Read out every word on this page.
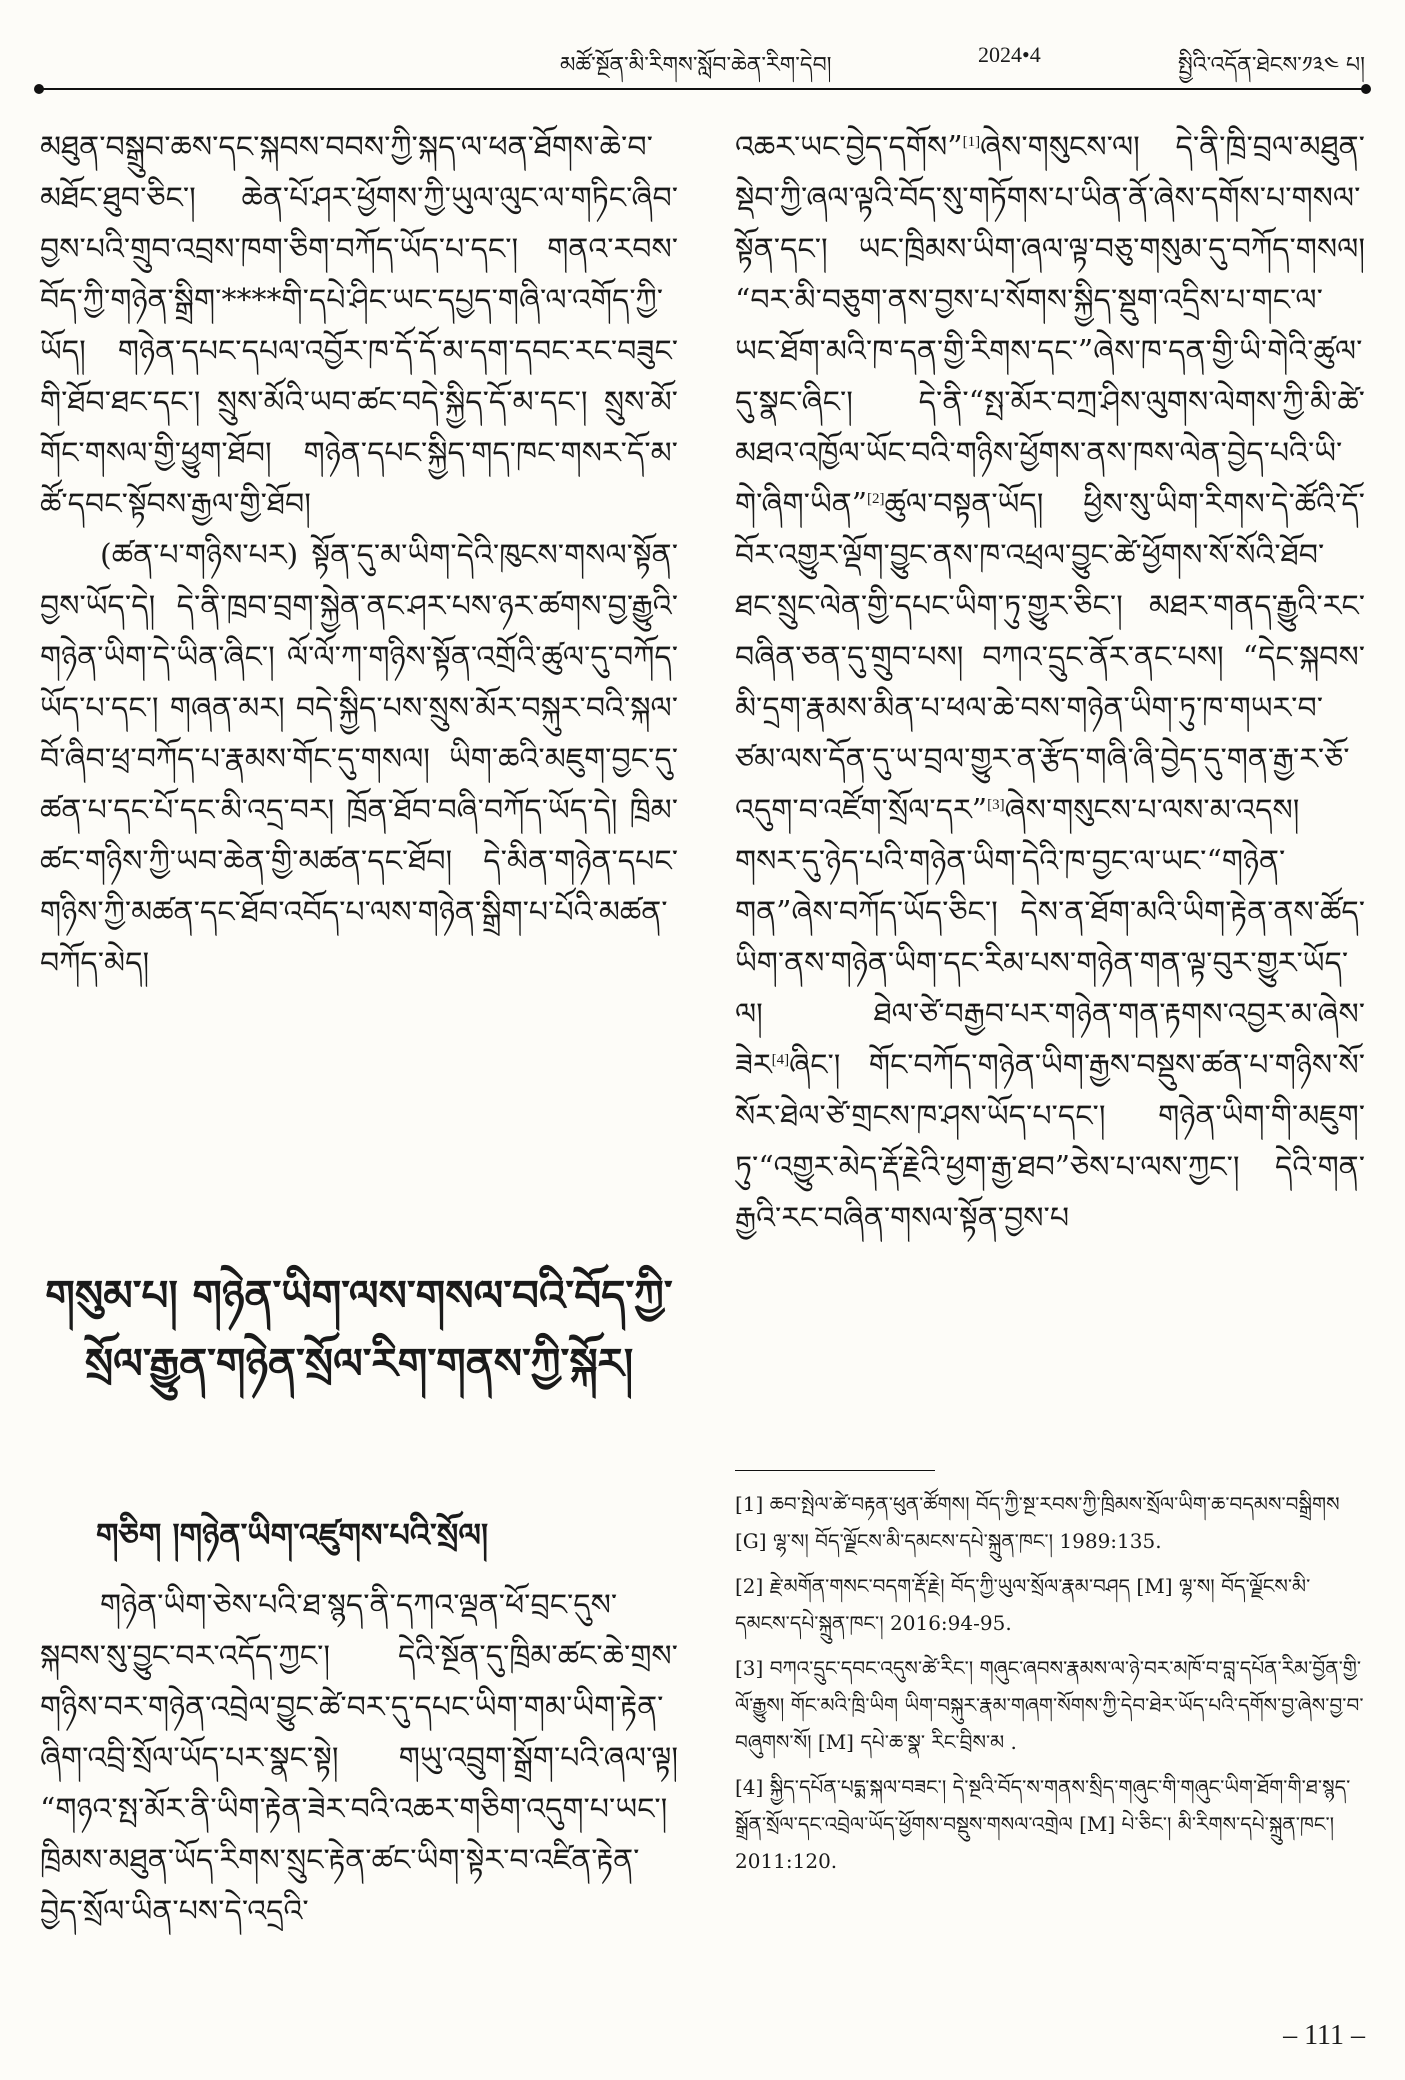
མཚོ་སྔོན་མི་རིགས་སློབ་ཆེན་རིག་དེབ།	2024•4	སྤྱིའི་འདོན་ཐེངས་༡༣༤ པ།

མཐུན་བསྒྲུབ་ཆས་དང་སྐབས་བབས་ཀྱི་སྐད་ལ་ཕན་ཐོགས་ཆེ་བ་མཐོང་ཐུབ་ཅིང་། ཆེན་པོ་ཤར་ཕྱོགས་ཀྱི་ཡུལ་ལུང་ལ་གཏིང་ཞིབ་བྱས་པའི་གྲུབ་འབྲས་ཁག་ཅིག་བཀོད་ཡོད་པ་དང་། གནའ་རབས་བོད་ཀྱི་གཉེན་སྒྲིག་****གི་དཔེ་ཤིང་ཡང་དཔྱད་གཞི་ལ་འགོད་ཀྱི་ཡོད། གཉེན་དཔང་དཔལ་འབྱོར་ཁ་དོ་དོ་མ་དག་དབང་རང་བཟུང་གི་ཐོབ་ཐང་དང་། སྲུས་མོའི་ཡབ་ཚང་བདེ་སྐྱིད་དོ་མ་དང་། སྲུས་མོ་གོང་གསལ་གྱི་ཕྱུག་ཐོབ། གཉེན་དཔང་སྐྱིད་གད་ཁང་གསར་དོ་མ་ཚོ་དབང་སྟོབས་རྒྱལ་གྱི་ཐོབ།

(ཚན་པ་གཉིས་པར) སྟོན་དུ་མ་ཡིག་དེའི་ཁུངས་གསལ་སྟོན་བྱས་ཡོད་དེ། དེ་ནི་ཁྲབ་བྲག་སྐྱེན་ནང་ཤར་པས་ཉར་ཚགས་བྱ་རྒྱུའི་གཉེན་ཡིག་དེ་ཡིན་ཞིང་། ལོ་ལོ་ཀ་གཉིས་སྟོན་འགྲོའི་ཚུལ་དུ་བཀོད་ཡོད་པ་དང་། གཞན་མར། བདེ་སྐྱིད་པས་སྲུས་མོར་བསྐུར་བའི་སྐལ་བོ་ཞིབ་ཕྲ་བཀོད་པ་རྣམས་གོང་དུ་གསལ། ཡིག་ཆའི་མཇུག་བྱང་དུ་ཚན་པ་དང་པོ་དང་མི་འདྲ་བར། ཁྲོན་ཐོབ་བཞི་བཀོད་ཡོད་དེ། ཁྲིམ་ཚང་གཉིས་ཀྱི་ཡབ་ཆེན་གྱི་མཚན་དང་ཐོབ། དེ་མིན་གཉེན་དཔང་གཉིས་ཀྱི་མཚན་དང་ཐོབ་འབོད་པ་ལས་གཉེན་སྒྲིག་པ་པོའི་མཚན་བཀོད་མེད།

གསུམ་པ། གཉེན་ཡིག་ལས་གསལ་བའི་བོད་ཀྱི་སྲོལ་རྒྱུན་གཉེན་སྲོལ་རིག་གནས་ཀྱི་སྐོར།
གཅིག །གཉེན་ཡིག་འཛུགས་པའི་སྲོལ།

གཉེན་ཡིག་ཅེས་པའི་ཐ་སྙད་ནི་དཀའ་ལྡན་ཕོ་བྲང་དུས་སྐབས་སུ་བྱུང་བར་འདོད་ཀྱང་། དེའི་སྔོན་དུ་ཁྲིམ་ཚང་ཆེ་གྲས་གཉིས་བར་གཉེན་འབྲེལ་བྱུང་ཚེ་བར་དུ་དཔང་ཡིག་གམ་ཡིག་རྟེན་ཞིག་འབྲི་སྲོལ་ཡོད་པར་སྣང་སྟེ། གཡུ་འབྲུག་སྒྲོག་པའི་ཞལ་ལྟ། “གཉའ་སྤ་མོར་ནི་ཡིག་རྟེན་ཟེར་བའི་འཆར་གཅིག་འདུག་པ་ཡང་། ཁྲིམས་མཐུན་ཡོད་རིགས་སྲུང་རྟེན་ཚང་ཡིག་སྟེར་བ་འཛིན་རྟེན་བྱེད་སྲོལ་ཡིན་པས་དེ་འདྲའི་

འཆར་ཡང་བྱེད་དགོས”[1]ཞེས་གསུངས་ལ། དེ་ནི་ཁྲི་བྲལ་མཐུན་སྡེབ་ཀྱི་ཞལ་ལྟའི་བོད་སུ་གཏོགས་པ་ཡིན་ནོ་ཞེས་དགོས་པ་གསལ་སྟོན་དང་། ཡང་ཁྲིམས་ཡིག་ཞལ་ལྟ་བཅུ་གསུམ་དུ་བཀོད་གསལ། “བར་མི་བཅུག་ནས་བྱས་པ་སོགས་སྐྱིད་སྡུག་འདྲིས་པ་གང་ལ་ཡང་ཐོག་མའི་ཁ་དན་གྱི་རིགས་དང་”ཞེས་ཁ་དན་གྱི་ཡི་གེའི་ཚུལ་དུ་སྣང་ཞིང་། དེ་ནི་“སྤ་མོར་བཀྲ་ཤིས་ལུགས་ལེགས་ཀྱི་མི་ཚེ་མཐའ་འཁྱོལ་ཡོང་བའི་གཉིས་ཕྱོགས་ནས་ཁས་ལེན་བྱེད་པའི་ཡི་གེ་ཞིག་ཡིན”[2]ཚུལ་བསྟན་ཡོད། ཕྱིས་སུ་ཡིག་རིགས་དེ་ཚོའི་དོ་བོར་འགྱུར་ལྡོག་བྱུང་ནས་ཁ་འཕྲལ་བྱུང་ཚེ་ཕྱོགས་སོ་སོའི་ཐོབ་ཐང་སྲུང་ལེན་གྱི་དཔང་ཡིག་ཏུ་གྱུར་ཅིང་། མཐར་གནད་རྒྱུའི་རང་བཞིན་ཅན་དུ་གྲུབ་པས། བཀའ་དྲུང་ནོར་ནང་པས། “དེང་སྐབས་མི་དྲག་རྣམས་མིན་པ་ཕལ་ཆེ་བས་གཉེན་ཡིག་ཏུ་ཁ་གཡར་བ་ཙམ་ལས་དོན་དུ་ཡ་བྲལ་གྱུར་ན་རྩོད་གཞི་ཞི་བྱེད་དུ་གན་རྒྱ་ར་ཅོ་འདུག་བ་འཛོག་སྲོལ་དར”[3]ཞེས་གསུངས་པ་ལས་མ་འདས། གསར་དུ་ཉེད་པའི་གཉེན་ཡིག་དེའི་ཁ་བྱང་ལ་ཡང་“གཉེན་གན”ཞེས་བཀོད་ཡོད་ཅིང་། དེས་ན་ཐོག་མའི་ཡིག་རྟེན་ནས་ཚོད་ཡིག་ནས་གཉེན་ཡིག་དང་རིམ་པས་གཉེན་གན་ལྟ་བུར་གྱུར་ཡོད་ལ། ཐེལ་ཙེ་བརྒྱབ་པར་གཉེན་གན་རྟགས་འབྱར་མ་ཞེས་ཟེར[4]ཞིང་། གོང་བཀོད་གཉེན་ཡིག་རྒྱས་བསྡུས་ཚན་པ་གཉིས་སོ་སོར་ཐེལ་ཙེ་གྲངས་ཁ་ཤས་ཡོད་པ་དང་། གཉེན་ཡིག་གི་མཇུག་ཏུ་“འགྱུར་མེད་རྡོ་རྗེའི་ཕྱག་རྒྱ་ཐབ”ཅེས་པ་ལས་ཀྱང་། དེའི་གན་རྒྱའི་རང་བཞིན་གསལ་སྟོན་བྱས་པ

[1] ཆབ་སྤེལ་ཚེ་བརྟན་ཕུན་ཚོགས། བོད་ཀྱི་སྔ་རབས་ཀྱི་ཁྲིམས་སྲོལ་ཡིག་ཆ་བདམས་བསྒྲིགས [G] ལྷ་ས། བོད་ལྗོངས་མི་དམངས་དཔེ་སྐྲུན་ཁང་། 1989:135.

[2] རྗེ་མགོན་གསང་བདག་རྡོ་རྗེ། བོད་ཀྱི་ཡུལ་སྲོལ་རྣམ་བཤད [M] ལྷ་ས། བོད་ལྗོངས་མི་དམངས་དཔེ་སྐྲུན་ཁང་། 2016:94-95.

[3] བཀའ་དྲུང་དབང་འདུས་ཚེ་རིང་། གཞུང་ཞབས་རྣམས་ལ་ཉེ་བར་མཁོ་བ་བླ་དཔོན་རིམ་བྱོན་གྱི་ལོ་རྒྱུས། གོང་མའི་ཁྲི་ཡིག ཡིག་བསྐུར་རྣམ་གཞག་སོགས་ཀྱི་དེབ་ཐེར་ཡོད་པའི་དགོས་བྱ་ཞེས་བྱ་བ་བཞུགས་སོ། [M] དཔེ་ཆ་སྣ་ རིང་བྲིས་མ .

[4] སྐྱིད་དཔོན་པདྨ་སྐལ་བཟང་། དེ་སྔའི་བོད་ས་གནས་སྲིད་གཞུང་གི་གཞུང་ཡིག་ཐོག་གི་ཐ་སྙད་སྒྲོན་སྲོལ་དང་འབྲེལ་ཡོད་ཕྱོགས་བསྡུས་གསལ་འགྲེལ [M] པེ་ཅིང་། མི་རིགས་དཔེ་སྐྲུན་ཁང་། 2011:120.

– 111 –
